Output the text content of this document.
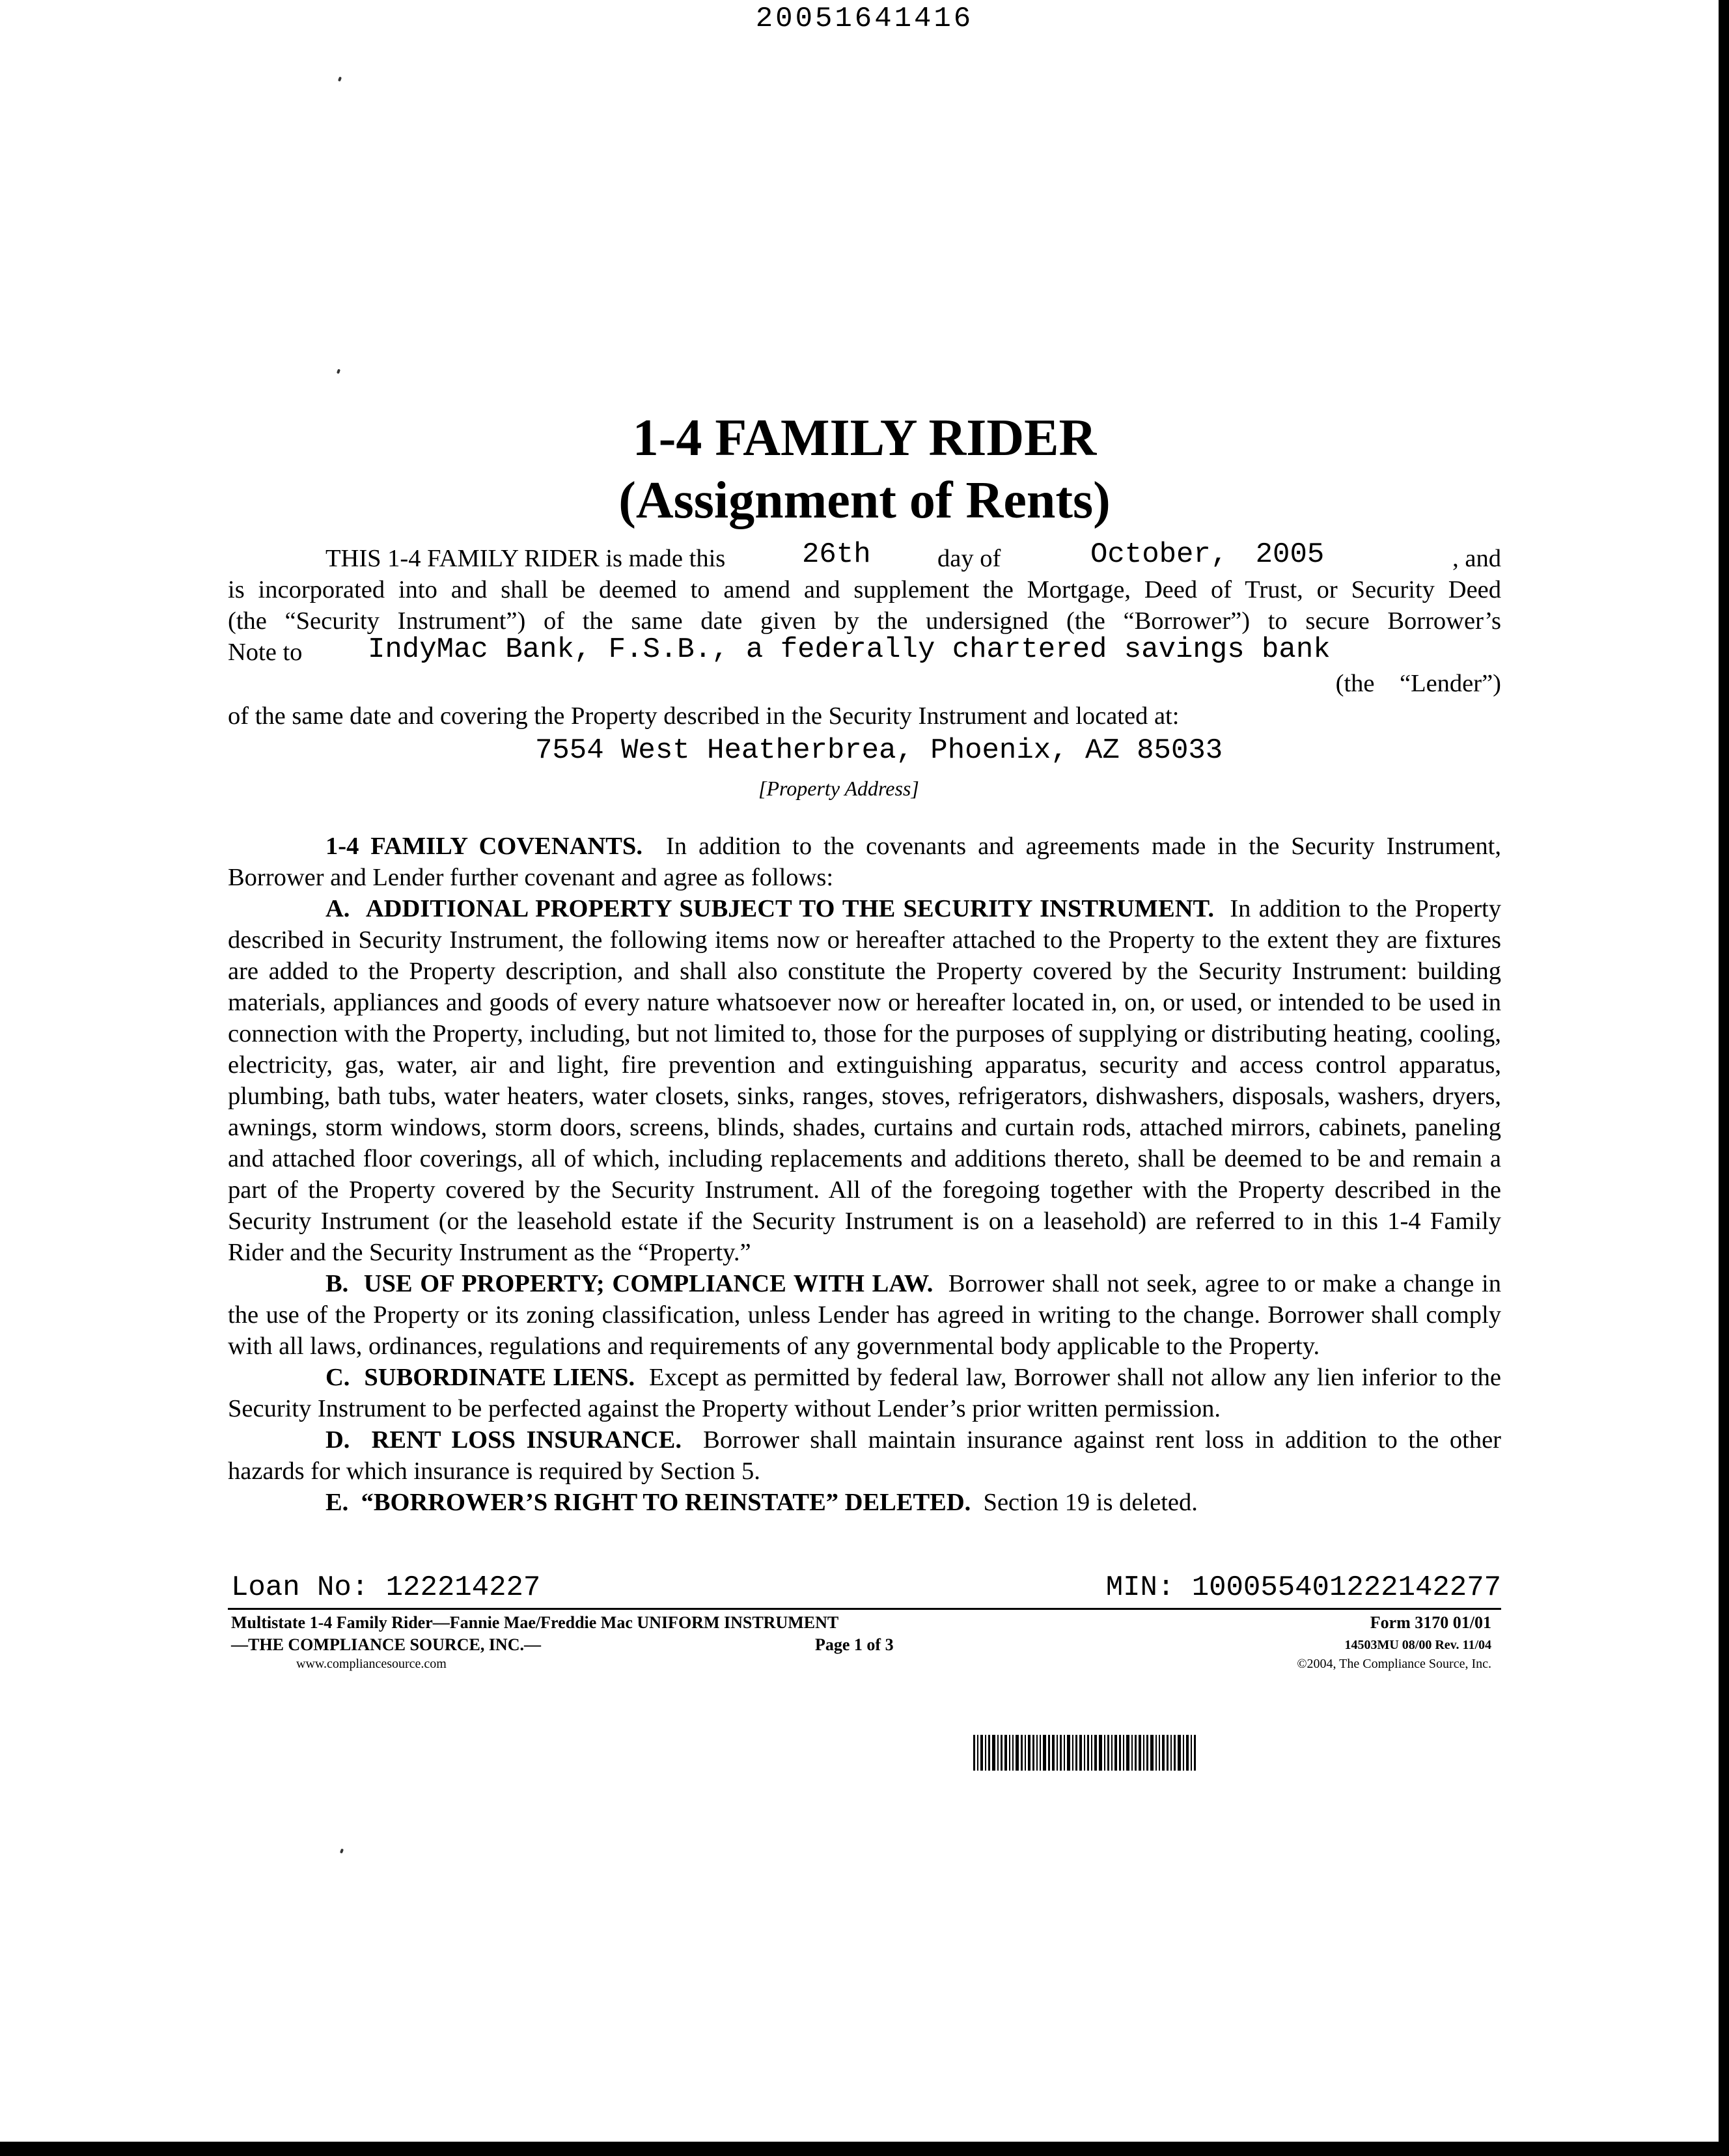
20051641416
1-4 FAMILY RIDER
(Assignment of Rents)
THIS 1-4 FAMILY RIDER is made this	26th	day of	October, 2005	, and
is incorporated into and shall be deemed to amend and supplement the Mortgage, Deed of Trust, or Security Deed
(the “Security Instrument”) of the same date given by the undersigned (the “Borrower”) to secure Borrower’s
Note to IndyMac Bank, F.S.B., a federally chartered savings bank
(the    “Lender”)
of the same date and covering the Property described in the Security Instrument and located at:
7554 West Heatherbrea, Phoenix, AZ 85033
[Property Address]

1-4 FAMILY COVENANTS. In addition to the covenants and agreements made in the Security Instrument, Borrower and Lender further covenant and agree as follows:

A. ADDITIONAL PROPERTY SUBJECT TO THE SECURITY INSTRUMENT. In addition to the Property described in Security Instrument, the following items now or hereafter attached to the Property to the extent they are fixtures are added to the Property description, and shall also constitute the Property covered by the Security Instrument: building materials, appliances and goods of every nature whatsoever now or hereafter located in, on, or used, or intended to be used in connection with the Property, including, but not limited to, those for the purposes of supplying or distributing heating, cooling, electricity, gas, water, air and light, fire prevention and extinguishing apparatus, security and access control apparatus, plumbing, bath tubs, water heaters, water closets, sinks, ranges, stoves, refrigerators, dishwashers, disposals, washers, dryers, awnings, storm windows, storm doors, screens, blinds, shades, curtains and curtain rods, attached mirrors, cabinets, paneling and attached floor coverings, all of which, including replacements and additions thereto, shall be deemed to be and remain a part of the Property covered by the Security Instrument. All of the foregoing together with the Property described in the Security Instrument (or the leasehold estate if the Security Instrument is on a leasehold) are referred to in this 1-4 Family Rider and the Security Instrument as the “Property.”

B. USE OF PROPERTY; COMPLIANCE WITH LAW. Borrower shall not seek, agree to or make a change in the use of the Property or its zoning classification, unless Lender has agreed in writing to the change. Borrower shall comply with all laws, ordinances, regulations and requirements of any governmental body applicable to the Property.

C. SUBORDINATE LIENS. Except as permitted by federal law, Borrower shall not allow any lien inferior to the Security Instrument to be perfected against the Property without Lender’s prior written permission.

D. RENT LOSS INSURANCE. Borrower shall maintain insurance against rent loss in addition to the other hazards for which insurance is required by Section 5.

E. “BORROWER’S RIGHT TO REINSTATE” DELETED. Section 19 is deleted.

Loan No: 122214227	MIN: 100055401222142277
Multistate 1-4 Family Rider—Fannie Mae/Freddie Mac UNIFORM INSTRUMENT	Form 3170 01/01
—THE COMPLIANCE SOURCE, INC.—	Page 1 of 3	14503MU 08/00 Rev. 11/04
www.compliancesource.com	©2004, The Compliance Source, Inc.
